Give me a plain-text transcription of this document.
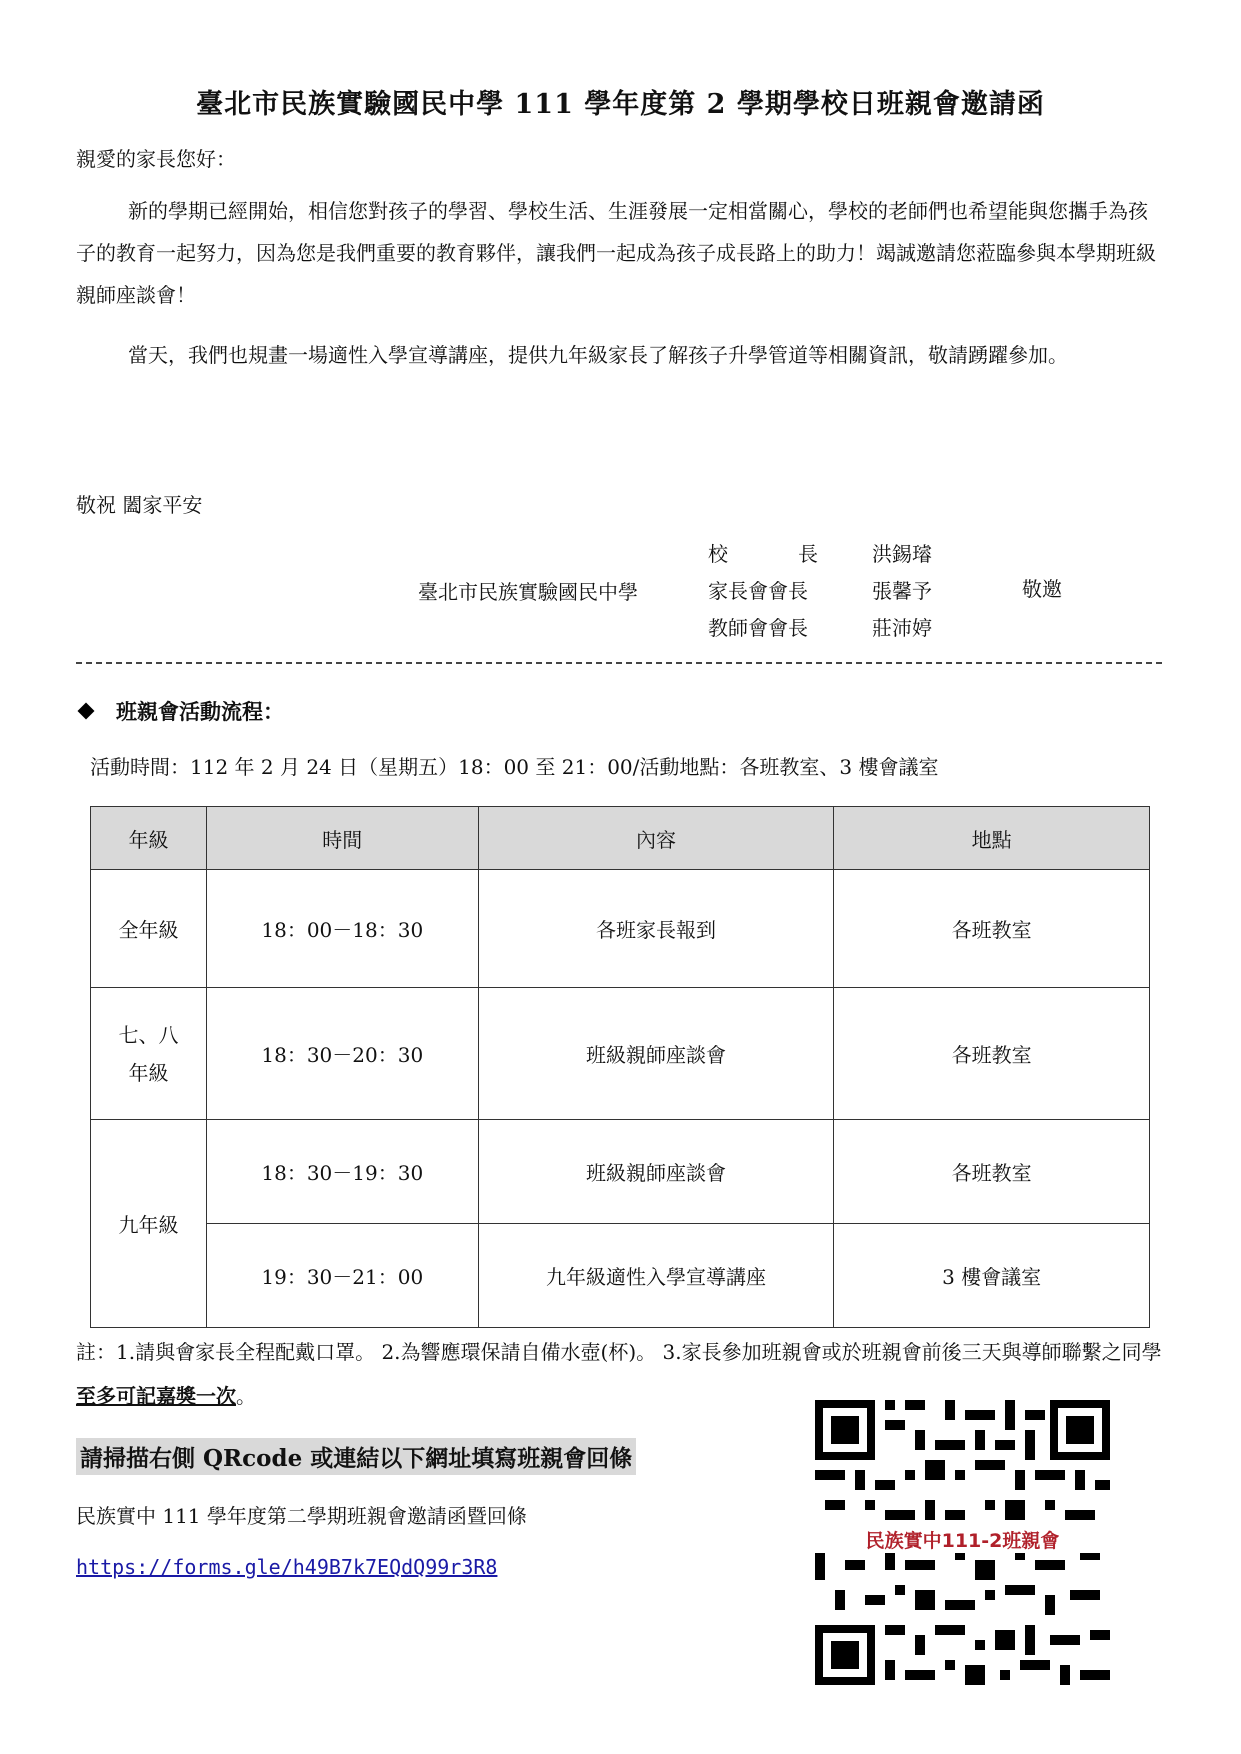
臺北市民族實驗國民中學 111 學年度第 2 學期學校日班親會邀請函
親愛的家長您好：
新的學期已經開始，相信您對孩子的學習、學校生活、生涯發展一定相當關心，學校的老師們也希望能與您攜手為孩子的教育一起努力，因為您是我們重要的教育夥伴，讓我們一起成為孩子成長路上的助力！竭誠邀請您蒞臨參與本學期班級親師座談會！
當天，我們也規畫一場適性入學宣導講座，提供九年級家長了解孩子升學管道等相關資訊，敬請踴躍參加。
敬祝 闔家平安
臺北市民族實驗國民中學
校　　長
家長會會長
教師會會長
洪錫璿
張馨予
莊沛婷
敬邀
班親會活動流程：
活動時間：112 年 2 月 24 日（星期五）18：00 至 21：00/活動地點：各班教室、3 樓會議室
年級	時間	內容	地點
全年級	18：00－18：30	各班家長報到	各班教室

七、八
年級	18：30－20：30	班級親師座談會	各班教室
九年級	18：30－19：30	班級親師座談會	各班教室
	19：30－21：00	九年級適性入學宣導講座	3 樓會議室
註：1.請與會家長全程配戴口罩。 2.為響應環保請自備水壺(杯)。 3.家長參加班親會或於班親會前後三天與導師聯繫之同學至多可記嘉獎一次。
請掃描右側 QRcode 或連結以下網址填寫班親會回條
民族實中 111 學年度第二學期班親會邀請函暨回條
https://forms.gle/h49B7k7EQdQ99r3R8
民族實中111-2班親會
